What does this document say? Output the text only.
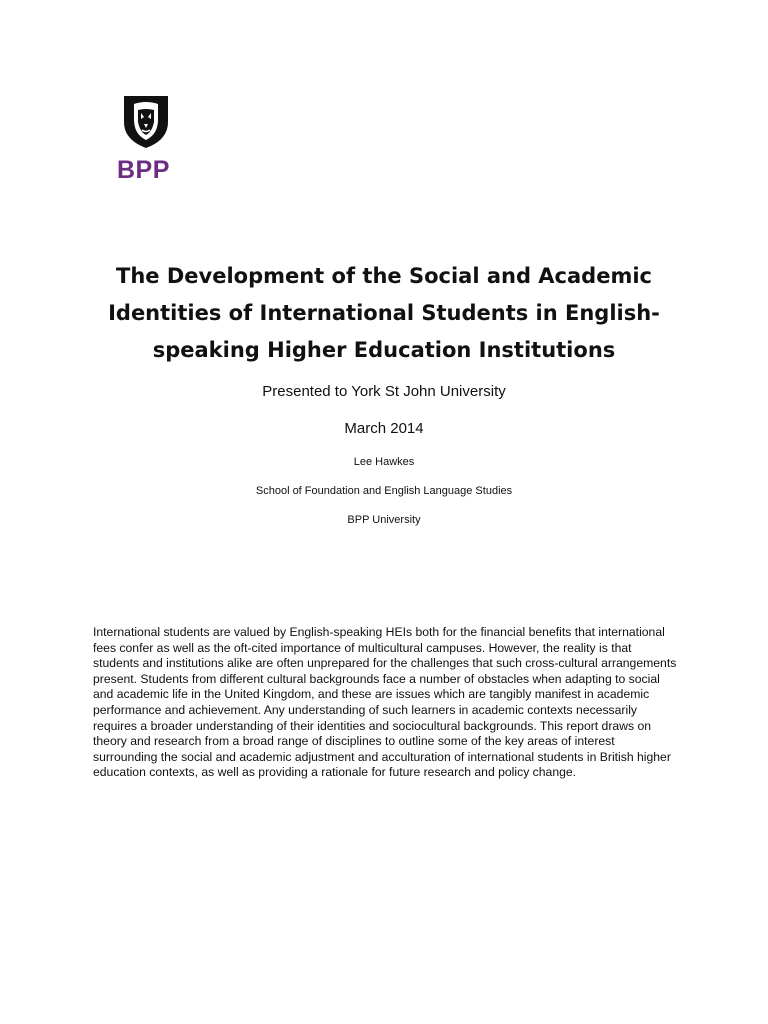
BPP
The Development of the Social and Academic Identities of International Students in English-speaking Higher Education Institutions

Presented to York St John University

March 2014

Lee Hawkes

School of Foundation and English Language Studies

BPP University

International students are valued by English-speaking HEIs both for the financial benefits that international fees confer as well as the oft-cited importance of multicultural campuses. However, the reality is that students and institutions alike are often unprepared for the challenges that such cross-cultural arrangements present. Students from different cultural backgrounds face a number of obstacles when adapting to social and academic life in the United Kingdom, and these are issues which are tangibly manifest in academic performance and achievement. Any understanding of such learners in academic contexts necessarily requires a broader understanding of their identities and sociocultural backgrounds. This report draws on theory and research from a broad range of disciplines to outline some of the key areas of interest surrounding the social and academic adjustment and acculturation of international students in British higher education contexts, as well as providing a rationale for future research and policy change.
